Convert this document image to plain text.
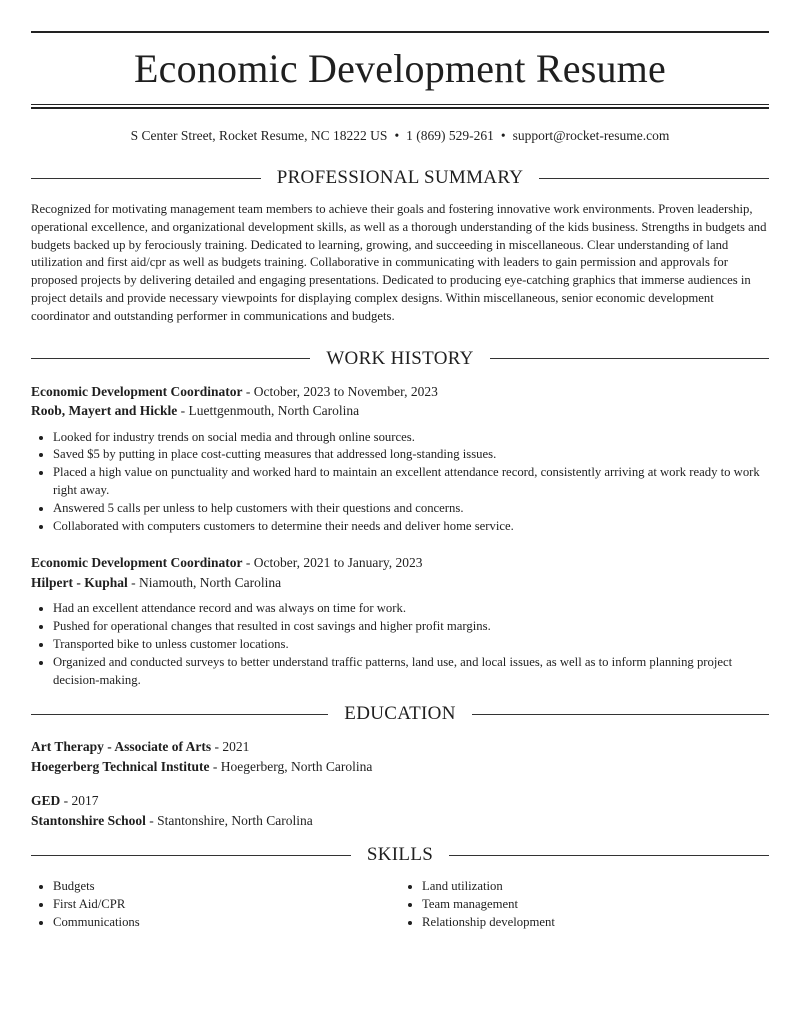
Economic Development Resume
S Center Street, Rocket Resume, NC 18222 US • 1 (869) 529-261 • support@rocket-resume.com
PROFESSIONAL SUMMARY

Recognized for motivating management team members to achieve their goals and fostering innovative work environments. Proven leadership, operational excellence, and organizational development skills, as well as a thorough understanding of the kids business. Strengths in budgets and budgets backed up by ferociously training. Dedicated to learning, growing, and succeeding in miscellaneous. Clear understanding of land utilization and first aid/cpr as well as budgets training. Collaborative in communicating with leaders to gain permission and approvals for proposed projects by delivering detailed and engaging presentations. Dedicated to producing eye-catching graphics that immerse audiences in project details and provide necessary viewpoints for displaying complex designs. Within miscellaneous, senior economic development coordinator and outstanding performer in communications and budgets.

WORK HISTORY
Economic Development Coordinator - October, 2023 to November, 2023
Roob, Mayert and Hickle - Luettgenmouth, North Carolina
• Looked for industry trends on social media and through online sources.
• Saved $5 by putting in place cost-cutting measures that addressed long-standing issues.
• Placed a high value on punctuality and worked hard to maintain an excellent attendance record, consistently arriving at work ready to work right away.
• Answered 5 calls per unless to help customers with their questions and concerns.
• Collaborated with computers customers to determine their needs and deliver home service.
Economic Development Coordinator - October, 2021 to January, 2023
Hilpert - Kuphal - Niamouth, North Carolina
• Had an excellent attendance record and was always on time for work.
• Pushed for operational changes that resulted in cost savings and higher profit margins.
• Transported bike to unless customer locations.
• Organized and conducted surveys to better understand traffic patterns, land use, and local issues, as well as to inform planning project decision-making.
EDUCATION
Art Therapy - Associate of Arts - 2021
Hoegerberg Technical Institute - Hoegerberg, North Carolina
GED - 2017
Stantonshire School - Stantonshire, North Carolina
SKILLS
• Budgets
• First Aid/CPR
• Communications
• Land utilization
• Team management
• Relationship development
